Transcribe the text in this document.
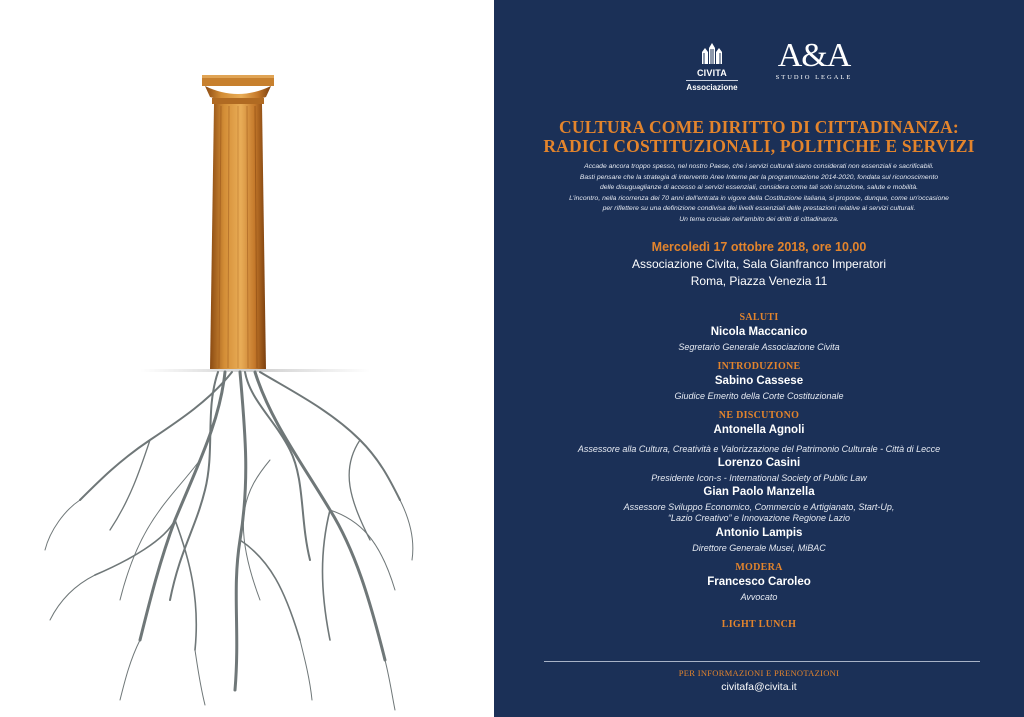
CIVITA
Associazione
A&A
STUDIO LEGALE
CULTURA COME DIRITTO DI CITTADINANZA:
RADICI COSTITUZIONALI, POLITICHE E SERVIZI
Accade ancora troppo spesso, nel nostro Paese, che i servizi culturali siano considerati non essenziali e sacrificabili.
Basti pensare che la strategia di intervento Aree Interne per la programmazione 2014-2020, fondata sul riconoscimento
delle disuguaglianze di accesso ai servizi essenziali, considera come tali solo istruzione, salute e mobilità.
L'incontro, nella ricorrenza dei 70 anni dell'entrata in vigore della Costituzione italiana, si propone, dunque, come un'occasione
per riflettere su una definizione condivisa dei livelli essenziali delle prestazioni relative ai servizi culturali.
Un tema cruciale nell'ambito dei diritti di cittadinanza.
Mercoledì 17 ottobre 2018, ore 10,00
Associazione Civita, Sala Gianfranco Imperatori
Roma, Piazza Venezia 11
SALUTI
Nicola Maccanico
Segretario Generale Associazione Civita
INTRODUZIONE
Sabino Cassese
Giudice Emerito della Corte Costituzionale
NE DISCUTONO
Antonella Agnoli
Assessore alla Cultura, Creatività e Valorizzazione del Patrimonio Culturale - Città di Lecce
Lorenzo Casini
Presidente Icon-s - International Society of Public Law
Gian Paolo Manzella
Assessore Sviluppo Economico, Commercio e Artigianato, Start-Up,
“Lazio Creativo” e Innovazione Regione Lazio
Antonio Lampis
Direttore Generale Musei, MiBAC
MODERA
Francesco Caroleo
Avvocato
LIGHT LUNCH
PER INFORMAZIONI E PRENOTAZIONI
civitafa@civita.it
